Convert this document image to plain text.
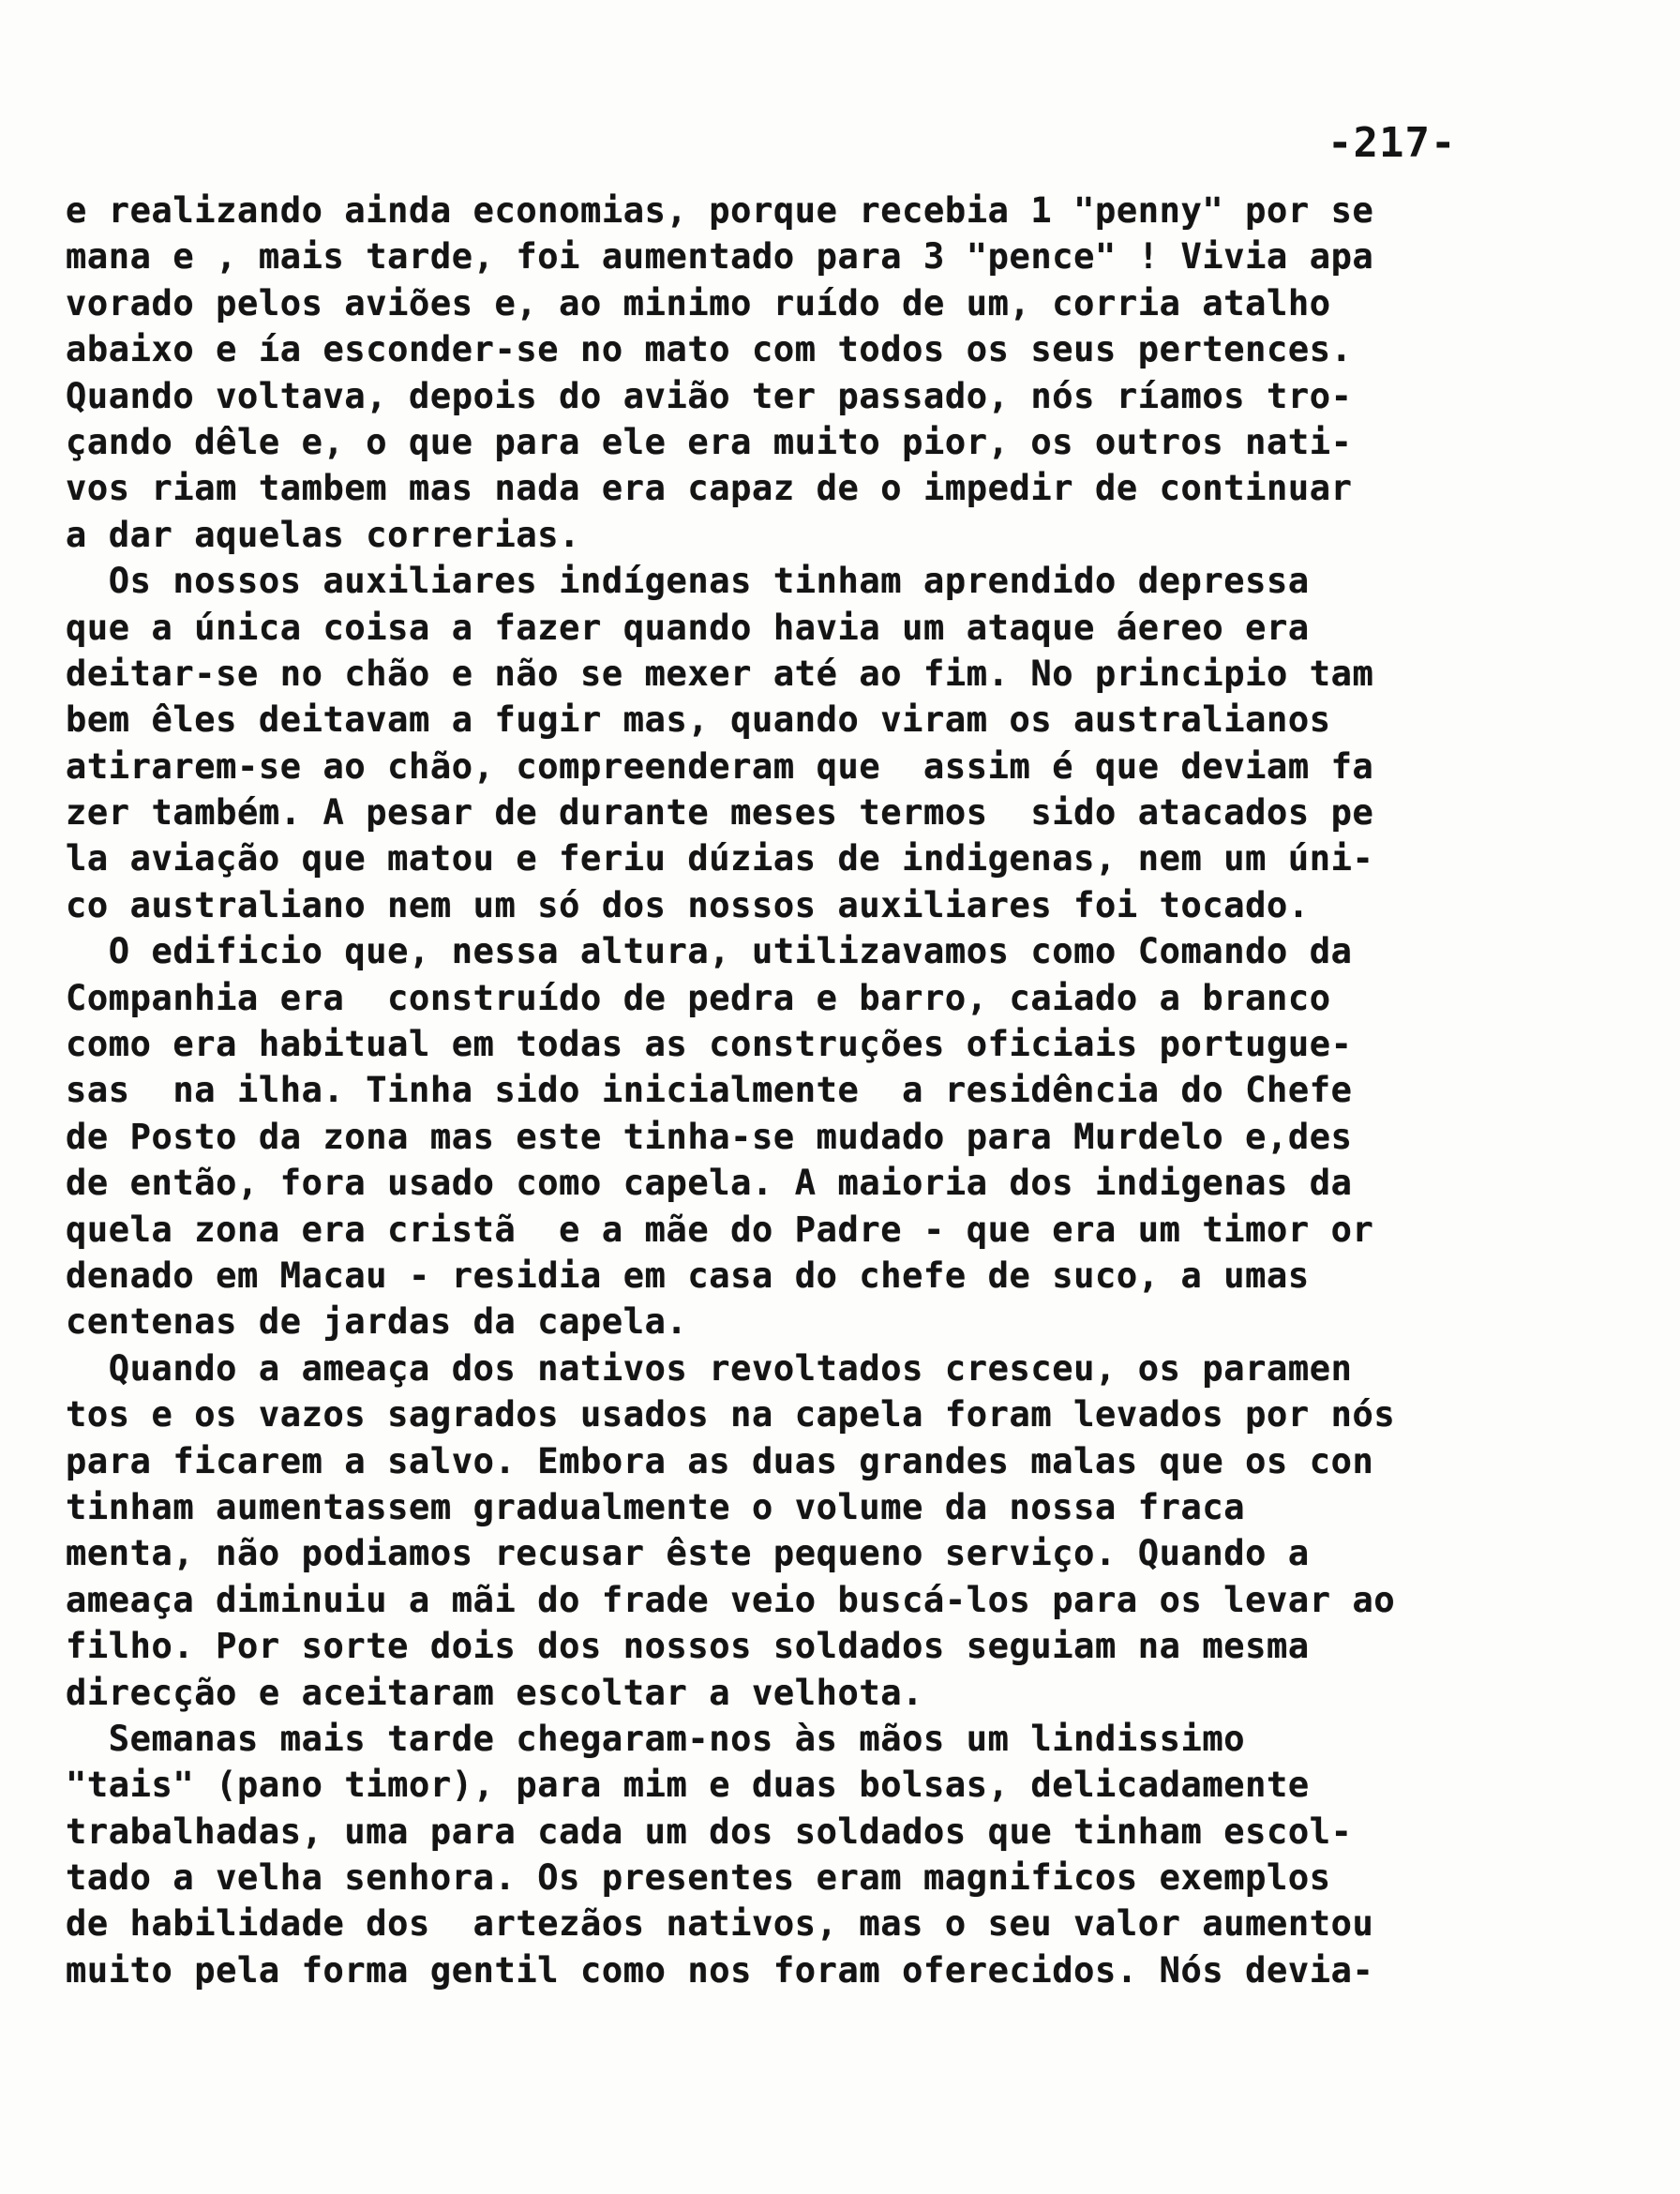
-217-
e realizando ainda economias, porque recebia 1 "penny" por se
mana e , mais tarde, foi aumentado para 3 "pence" ! Vivia apa
vorado pelos aviões e, ao minimo ruído de um, corria atalho
abaixo e ía esconder-se no mato com todos os seus pertences.
Quando voltava, depois do avião ter passado, nós ríamos tro-
çando dêle e, o que para ele era muito pior, os outros nati-
vos riam tambem mas nada era capaz de o impedir de continuar
a dar aquelas correrias.
Os nossos auxiliares indígenas tinham aprendido depressa
que a única coisa a fazer quando havia um ataque áereo era
deitar-se no chão e não se mexer até ao fim. No principio tam
bem êles deitavam a fugir mas, quando viram os australianos
atirarem-se ao chão, compreenderam que  assim é que deviam fa
zer também. A pesar de durante meses termos  sido atacados pe
la aviação que matou e feriu dúzias de indigenas, nem um úni-
co australiano nem um só dos nossos auxiliares foi tocado.
O edificio que, nessa altura, utilizavamos como Comando da
Companhia era  construído de pedra e barro, caiado a branco
como era habitual em todas as construções oficiais portugue-
sas  na ilha. Tinha sido inicialmente  a residência do Chefe
de Posto da zona mas este tinha-se mudado para Murdelo e,des
de então, fora usado como capela. A maioria dos indigenas da
quela zona era cristã  e a mãe do Padre - que era um timor or
denado em Macau - residia em casa do chefe de suco, a umas
centenas de jardas da capela.
Quando a ameaça dos nativos revoltados cresceu, os paramen
tos e os vazos sagrados usados na capela foram levados por nós
para ficarem a salvo. Embora as duas grandes malas que os con
tinham aumentassem gradualmente o volume da nossa fraca
menta, não podiamos recusar êste pequeno serviço. Quando a
ameaça diminuiu a mãi do frade veio buscá-los para os levar ao
filho. Por sorte dois dos nossos soldados seguiam na mesma
direcção e aceitaram escoltar a velhota.
Semanas mais tarde chegaram-nos às mãos um lindissimo
"tais" (pano timor), para mim e duas bolsas, delicadamente
trabalhadas, uma para cada um dos soldados que tinham escol-
tado a velha senhora. Os presentes eram magnificos exemplos
de habilidade dos  artezãos nativos, mas o seu valor aumentou
muito pela forma gentil como nos foram oferecidos. Nós devia-
